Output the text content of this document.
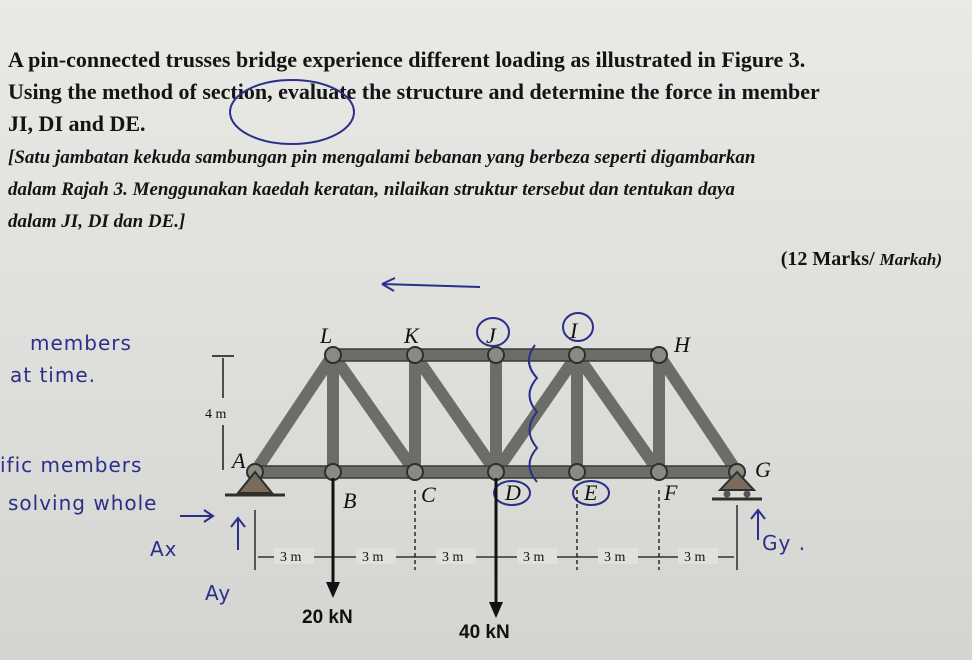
A pin-connected trusses bridge experience different loading as illustrated in Figure 3.

Using the method of section, evaluate the structure and determine the force in member

JI, DI and DE.

[Satu jambatan kekuda sambungan pin mengalami bebanan yang berbeza seperti digambarkan

dalam Rajah 3. Menggunakan kaedah keratan, nilaikan struktur tersebut dan tentukan daya

dalam JI, DI dan DE.]

(12 Marks/ Markah)
L	K	J	I
H
A	G
B	C	D	E	F
4 m
3 m	3 m	3 m	3 m	3 m	3 m
20 kN
40 kN
members
at time.
ific members
solving whole
Ax
Ay
Gy .
